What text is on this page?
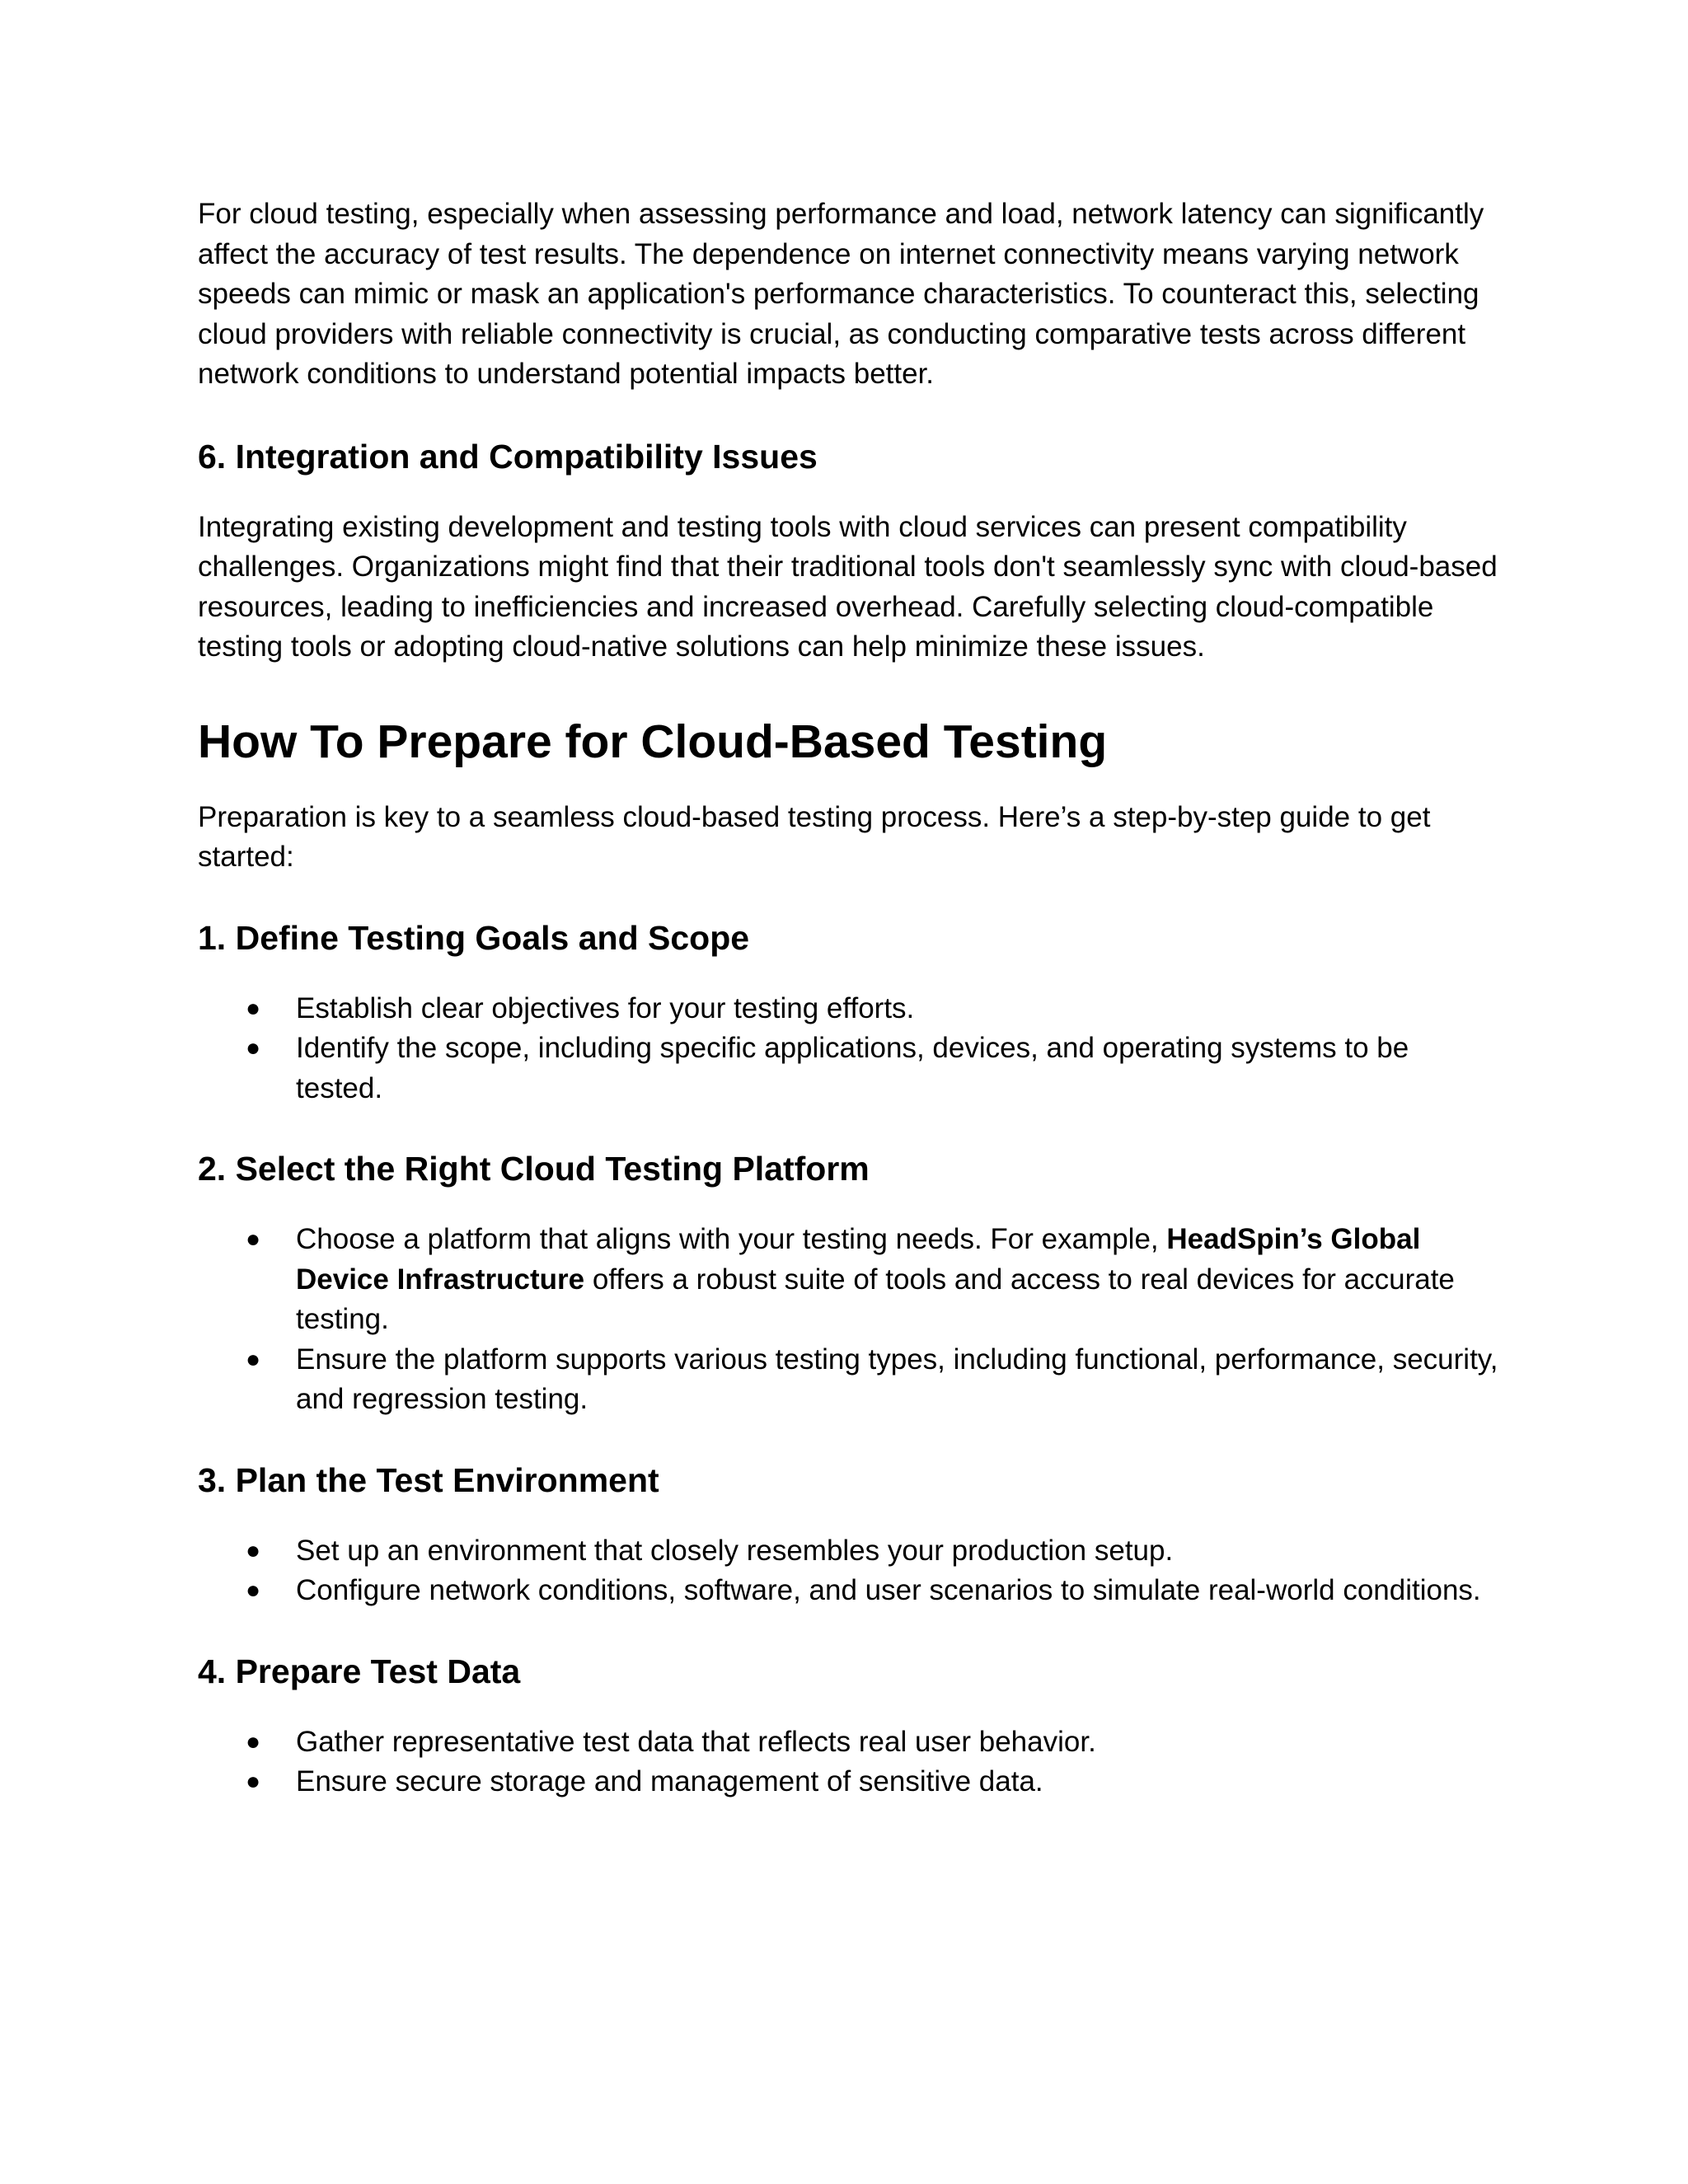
For cloud testing, especially when assessing performance and load, network latency can significantly affect the accuracy of test results. The dependence on internet connectivity means varying network speeds can mimic or mask an application's performance characteristics. To counteract this, selecting cloud providers with reliable connectivity is crucial, as conducting comparative tests across different network conditions to understand potential impacts better.

6. Integration and Compatibility Issues

Integrating existing development and testing tools with cloud services can present compatibility challenges. Organizations might find that their traditional tools don't seamlessly sync with cloud-based resources, leading to inefficiencies and increased overhead. Carefully selecting cloud-compatible testing tools or adopting cloud-native solutions can help minimize these issues.

How To Prepare for Cloud-Based Testing

Preparation is key to a seamless cloud-based testing process. Here’s a step-by-step guide to get started:

1. Define Testing Goals and Scope
● Establish clear objectives for your testing efforts.
● Identify the scope, including specific applications, devices, and operating systems to be tested.
2. Select the Right Cloud Testing Platform
● Choose a platform that aligns with your testing needs. For example, HeadSpin’s Global Device Infrastructure offers a robust suite of tools and access to real devices for accurate testing.
● Ensure the platform supports various testing types, including functional, performance, security, and regression testing.
3. Plan the Test Environment
● Set up an environment that closely resembles your production setup.
● Configure network conditions, software, and user scenarios to simulate real-world conditions.
4. Prepare Test Data
● Gather representative test data that reflects real user behavior.
● Ensure secure storage and management of sensitive data.
